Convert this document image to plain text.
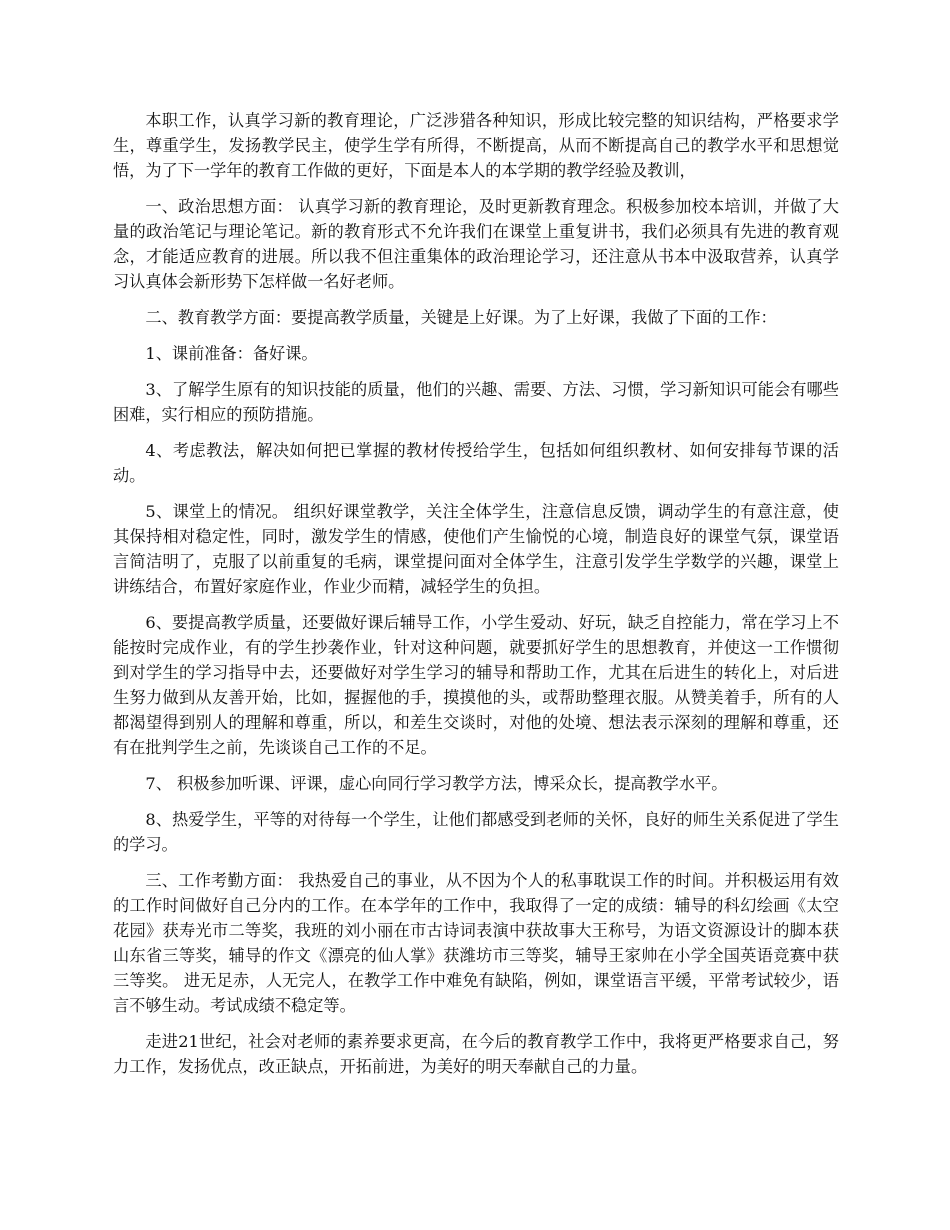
本职工作，认真学习新的教育理论，广泛涉猎各种知识，形成比较完整的知识结构，严格要求学生，尊重学生，发扬教学民主，使学生学有所得，不断提高，从而不断提高自己的教学水平和思想觉悟，为了下一学年的教育工作做的更好，下面是本人的本学期的教学经验及教训，

一、政治思想方面： 认真学习新的教育理论，及时更新教育理念。积极参加校本培训，并做了大量的政治笔记与理论笔记。新的教育形式不允许我们在课堂上重复讲书，我们必须具有先进的教育观念，才能适应教育的进展。所以我不但注重集体的政治理论学习，还注意从书本中汲取营养，认真学习认真体会新形势下怎样做一名好老师。

二、教育教学方面：要提高教学质量，关键是上好课。为了上好课，我做了下面的工作：

1、课前准备：备好课。

3、了解学生原有的知识技能的质量，他们的兴趣、需要、方法、习惯，学习新知识可能会有哪些困难，实行相应的预防措施。

4、考虑教法，解决如何把已掌握的教材传授给学生，包括如何组织教材、如何安排每节课的活动。

5、课堂上的情况。 组织好课堂教学，关注全体学生，注意信息反馈，调动学生的有意注意，使其保持相对稳定性，同时，激发学生的情感，使他们产生愉悦的心境，制造良好的课堂气氛，课堂语言简洁明了，克服了以前重复的毛病，课堂提问面对全体学生，注意引发学生学数学的兴趣，课堂上讲练结合，布置好家庭作业，作业少而精，减轻学生的负担。

6、要提高教学质量，还要做好课后辅导工作，小学生爱动、好玩，缺乏自控能力，常在学习上不能按时完成作业，有的学生抄袭作业，针对这种问题，就要抓好学生的思想教育，并使这一工作惯彻到对学生的学习指导中去，还要做好对学生学习的辅导和帮助工作，尤其在后进生的转化上，对后进生努力做到从友善开始，比如，握握他的手，摸摸他的头，或帮助整理衣服。从赞美着手，所有的人都渴望得到别人的理解和尊重，所以，和差生交谈时，对他的处境、想法表示深刻的理解和尊重，还有在批判学生之前，先谈谈自己工作的不足。

7、 积极参加听课、评课，虚心向同行学习教学方法，博采众长，提高教学水平。

8、热爱学生，平等的对待每一个学生，让他们都感受到老师的关怀，良好的师生关系促进了学生的学习。

三、工作考勤方面： 我热爱自己的事业，从不因为个人的私事耽误工作的时间。并积极运用有效的工作时间做好自己分内的工作。在本学年的工作中，我取得了一定的成绩：辅导的科幻绘画《太空花园》获寿光市二等奖，我班的刘小丽在市古诗词表演中获故事大王称号，为语文资源设计的脚本获山东省三等奖，辅导的作文《漂亮的仙人掌》获潍坊市三等奖，辅导王家帅在小学全国英语竞赛中获三等奖。 进无足赤，人无完人，在教学工作中难免有缺陷，例如，课堂语言平缓，平常考试较少，语言不够生动。考试成绩不稳定等。

走进21世纪，社会对老师的素养要求更高，在今后的教育教学工作中，我将更严格要求自己，努力工作，发扬优点，改正缺点，开拓前进，为美好的明天奉献自己的力量。
